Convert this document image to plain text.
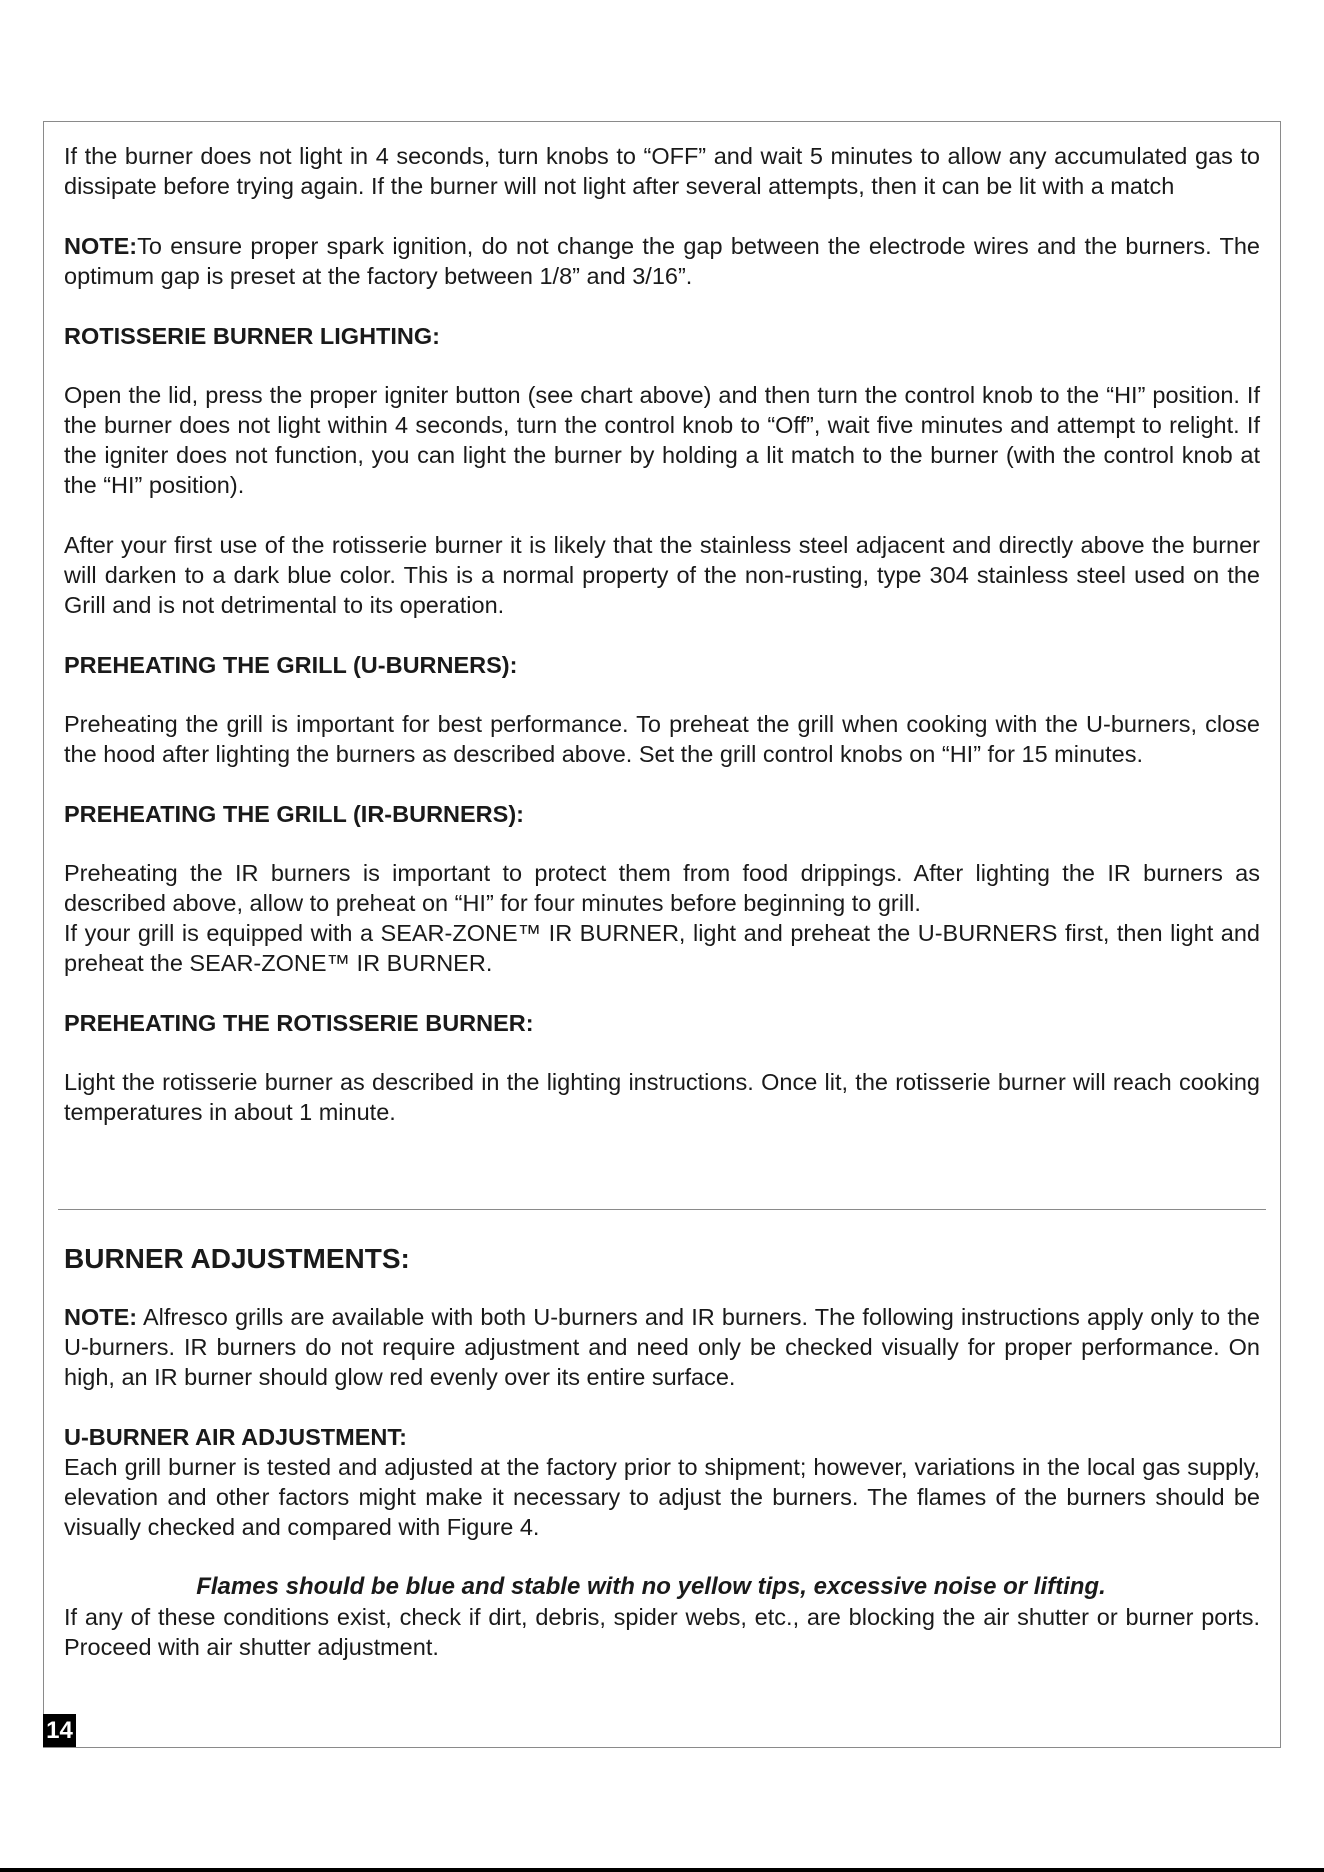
If the burner does not light in 4 seconds, turn knobs to “OFF” and wait 5 minutes to allow any accumulated gas to dissipate before trying again. If the burner will not light after several attempts, then it can be lit with a match

NOTE:To ensure proper spark ignition, do not change the gap between the electrode wires and the burners. The optimum gap is preset at the factory between 1/8” and 3/16”.

ROTISSERIE BURNER LIGHTING:

Open the lid, press the proper igniter button (see chart above) and then turn the control knob to the “HI” position. If the burner does not light within 4 seconds, turn the control knob to “Off”, wait five minutes and attempt to relight. If the igniter does not function, you can light the burner by holding a lit match to the burner (with the control knob at the “HI” position).

After your first use of the rotisserie burner it is likely that the stainless steel adjacent and directly above the burner will darken to a dark blue color. This is a normal property of the non-rusting, type 304 stainless steel used on the Grill and is not detrimental to its operation.

PREHEATING THE GRILL (U-BURNERS):

Preheating the grill is important for best performance. To preheat the grill when cooking with the U-burners, close the hood after lighting the burners as described above. Set the grill control knobs on “HI” for 15 minutes.

PREHEATING THE GRILL (IR-BURNERS):

Preheating the IR burners is important to protect them from food drippings. After lighting the IR burners as described above, allow to preheat on “HI” for four minutes before beginning to grill.

If your grill is equipped with a SEAR-ZONE™ IR BURNER, light and preheat the U-BURNERS first, then light and preheat the SEAR-ZONE™ IR BURNER.

PREHEATING THE ROTISSERIE BURNER:

Light the rotisserie burner as described in the lighting instructions. Once lit, the rotisserie burner will reach cooking temperatures in about 1 minute.

BURNER ADJUSTMENTS:

NOTE: Alfresco grills are available with both U-burners and IR burners. The following instructions apply only to the U-burners. IR burners do not require adjustment and need only be checked visually for proper performance. On high, an IR burner should glow red evenly over its entire surface.

U-BURNER AIR ADJUSTMENT:

Each grill burner is tested and adjusted at the factory prior to shipment; however, variations in the local gas supply, elevation and other factors might make it necessary to adjust the burners. The flames of the burners should be visually checked and compared with Figure 4.

Flames should be blue and stable with no yellow tips, excessive noise or lifting.

If any of these conditions exist, check if dirt, debris, spider webs, etc., are blocking the air shutter or burner ports. Proceed with air shutter adjustment.

14
